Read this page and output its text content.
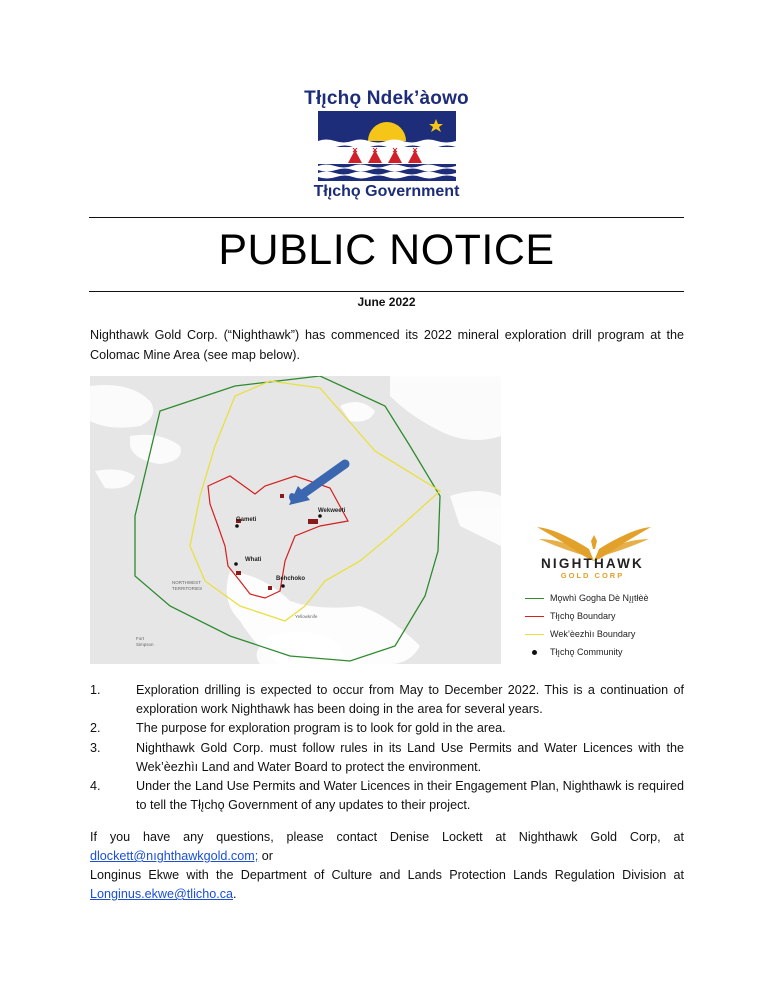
Tłı̨chǫ Ndek’àowo
Tłı̨chǫ Government
PUBLIC NOTICE
June 2022
Nighthawk Gold Corp. (“Nighthawk”) has commenced its 2022 mineral exploration drill program at the Colomac Mine Area (see map below).
Gameti
Wekweeti
Whati
Behchoko
Yellowknife
NORTHWEST
TERRITORIES
Fort
Simpson
NIGHTHAWK
GOLD CORP
Mǫwhì Gogha Dè Nı̨ı̨tłèè
Tłı̨chǫ Boundary
Wek’èezhìı Boundary
Tłı̨chǫ Community
1.	Exploration drilling is expected to occur from May to December 2022. This is a continuation of exploration work Nighthawk has been doing in the area for several years.
2.	The purpose for exploration program is to look for gold in the area.
3.	Nighthawk Gold Corp. must follow rules in its Land Use Permits and Water Licences with the Wek’èezhìı Land and Water Board to protect the environment.
4.	Under the Land Use Permits and Water Licences in their Engagement Plan, Nighthawk is required to tell the Tłı̨chǫ Government of any updates to their project.

If you have any questions, please contact Denise Lockett at Nighthawk Gold Corp, at

dlockett@nıghthawkgold.com; or

Longinus Ekwe with the Department of Culture and Lands Protection Lands Regulation Division at

Longinus.ekwe@tlicho.ca.
